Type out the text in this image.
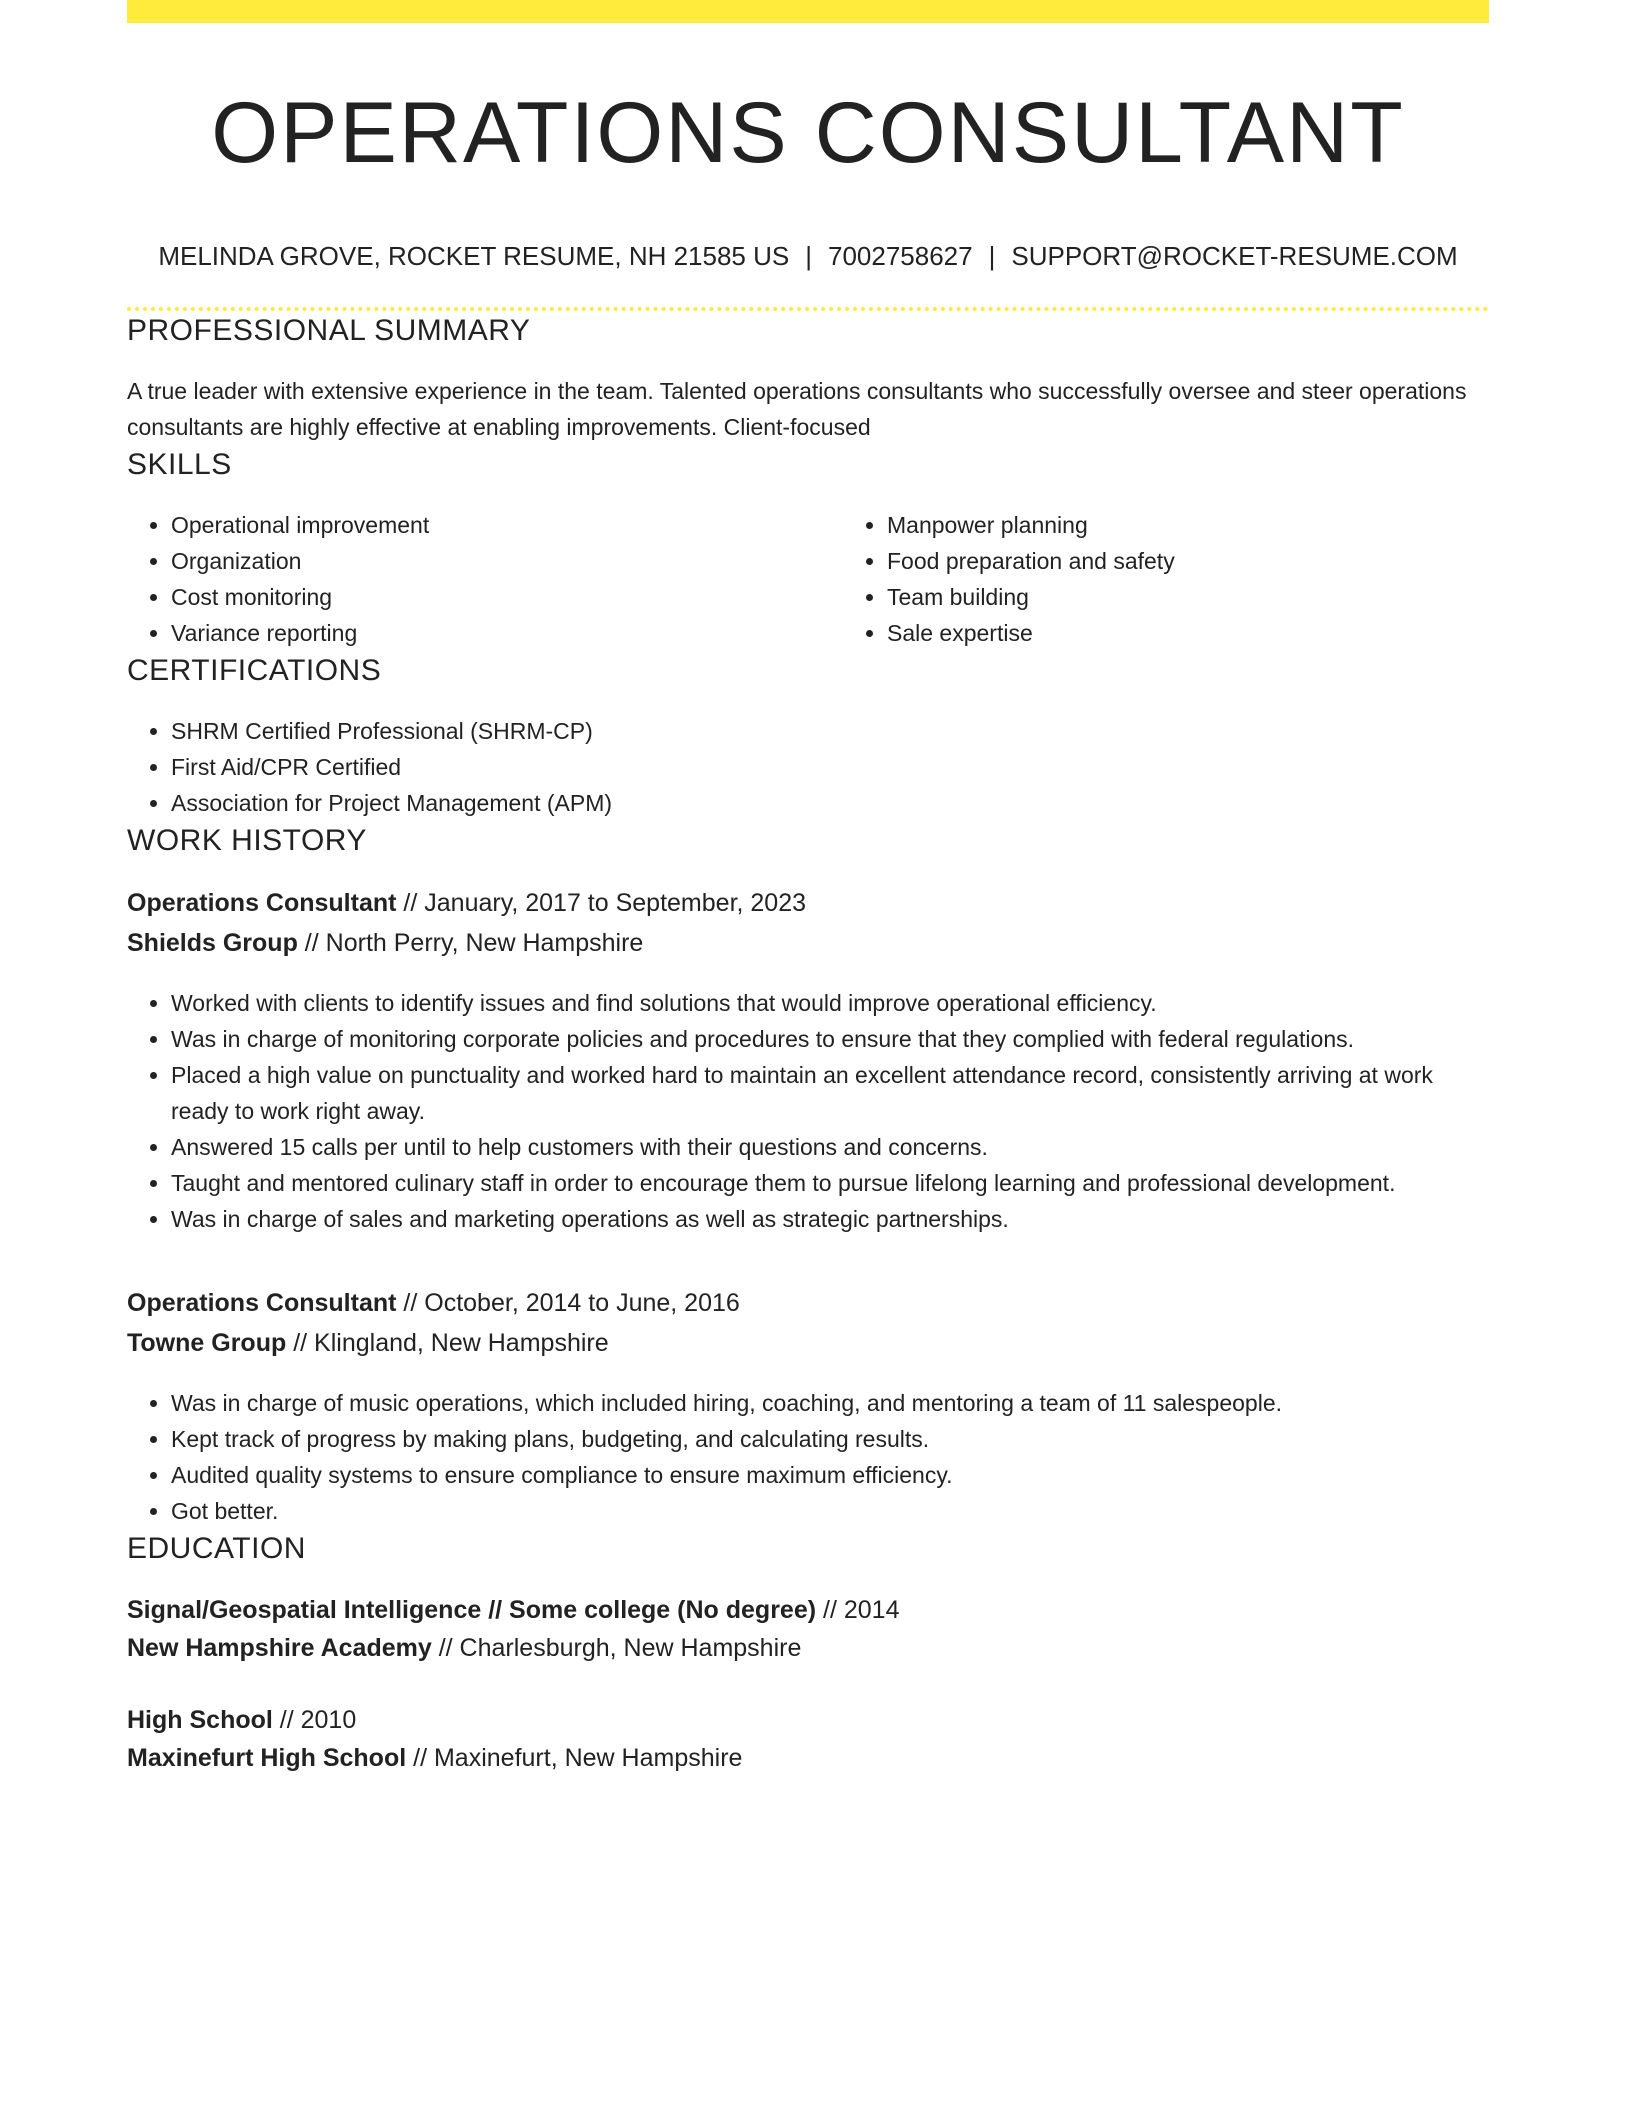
OPERATIONS CONSULTANT
MELINDA GROVE, ROCKET RESUME, NH 21585 US | 7002758627 | SUPPORT@ROCKET-RESUME.COM
PROFESSIONAL SUMMARY

A true leader with extensive experience in the team. Talented operations consultants who successfully oversee and steer operations consultants are highly effective at enabling improvements. Client-focused

SKILLS
• Operational improvement
• Organization
• Cost monitoring
• Variance reporting
• Manpower planning
• Food preparation and safety
• Team building
• Sale expertise
CERTIFICATIONS
• SHRM Certified Professional (SHRM-CP)
• First Aid/CPR Certified
• Association for Project Management (APM)
WORK HISTORY
Operations Consultant // January, 2017 to September, 2023
Shields Group // North Perry, New Hampshire
• Worked with clients to identify issues and find solutions that would improve operational efficiency.
• Was in charge of monitoring corporate policies and procedures to ensure that they complied with federal regulations.
• Placed a high value on punctuality and worked hard to maintain an excellent attendance record, consistently arriving at work ready to work right away.
• Answered 15 calls per until to help customers with their questions and concerns.
• Taught and mentored culinary staff in order to encourage them to pursue lifelong learning and professional development.
• Was in charge of sales and marketing operations as well as strategic partnerships.
Operations Consultant // October, 2014 to June, 2016
Towne Group // Klingland, New Hampshire
• Was in charge of music operations, which included hiring, coaching, and mentoring a team of 11 salespeople.
• Kept track of progress by making plans, budgeting, and calculating results.
• Audited quality systems to ensure compliance to ensure maximum efficiency.
• Got better.
EDUCATION
Signal/Geospatial Intelligence // Some college (No degree) // 2014
New Hampshire Academy // Charlesburgh, New Hampshire
High School // 2010
Maxinefurt High School // Maxinefurt, New Hampshire
